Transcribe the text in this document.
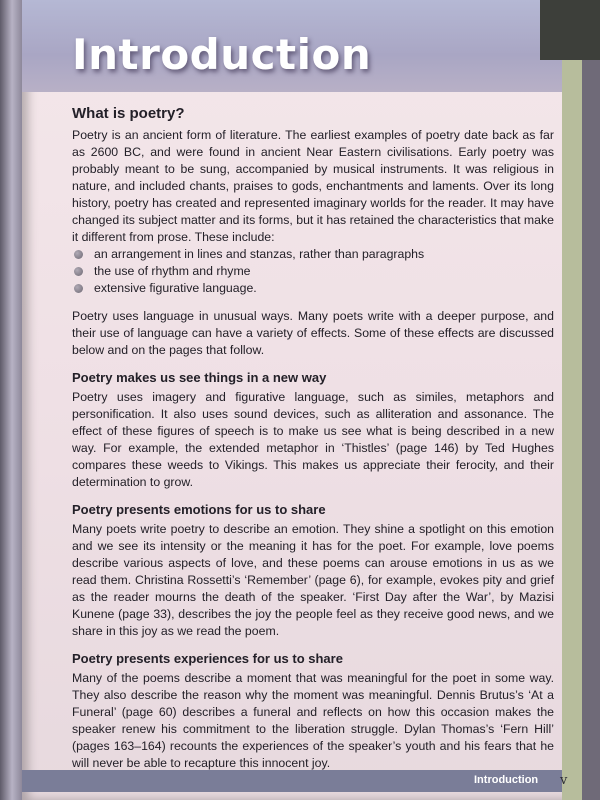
Introduction
What is poetry?

Poetry is an ancient form of literature. The earliest examples of poetry date back as far as 2600 BC, and were found in ancient Near Eastern civilisations. Early poetry was probably meant to be sung, accompanied by musical instruments. It was religious in nature, and included chants, praises to gods, enchantments and laments. Over its long history, poetry has created and represented imaginary worlds for the reader. It may have changed its subject matter and its forms, but it has retained the characteristics that make it different from prose. These include:

an arrangement in lines and stanzas, rather than paragraphs
the use of rhythm and rhyme
extensive figurative language.

Poetry uses language in unusual ways. Many poets write with a deeper purpose, and their use of language can have a variety of effects. Some of these effects are discussed below and on the pages that follow.

Poetry makes us see things in a new way

Poetry uses imagery and figurative language, such as similes, metaphors and personification. It also uses sound devices, such as alliteration and assonance. The effect of these figures of speech is to make us see what is being described in a new way. For example, the extended metaphor in ‘Thistles’ (page 146) by Ted Hughes compares these weeds to Vikings. This makes us appreciate their ferocity, and their determination to grow.

Poetry presents emotions for us to share

Many poets write poetry to describe an emotion. They shine a spotlight on this emotion and we see its intensity or the meaning it has for the poet. For example, love poems describe various aspects of love, and these poems can arouse emotions in us as we read them. Christina Rossetti’s ‘Remember’ (page 6), for example, evokes pity and grief as the reader mourns the death of the speaker. ‘First Day after the War’, by Mazisi Kunene (page 33), describes the joy the people feel as they receive good news, and we share in this joy as we read the poem.

Poetry presents experiences for us to share

Many of the poems describe a moment that was meaningful for the poet in some way. They also describe the reason why the moment was meaningful. Dennis Brutus’s ‘At a Funeral’ (page 60) describes a funeral and reflects on how this occasion makes the speaker renew his commitment to the liberation struggle. Dylan Thomas’s ‘Fern Hill’ (pages 163–164) recounts the experiences of the speaker’s youth and his fears that he will never be able to recapture this innocent joy.

Introduction v
